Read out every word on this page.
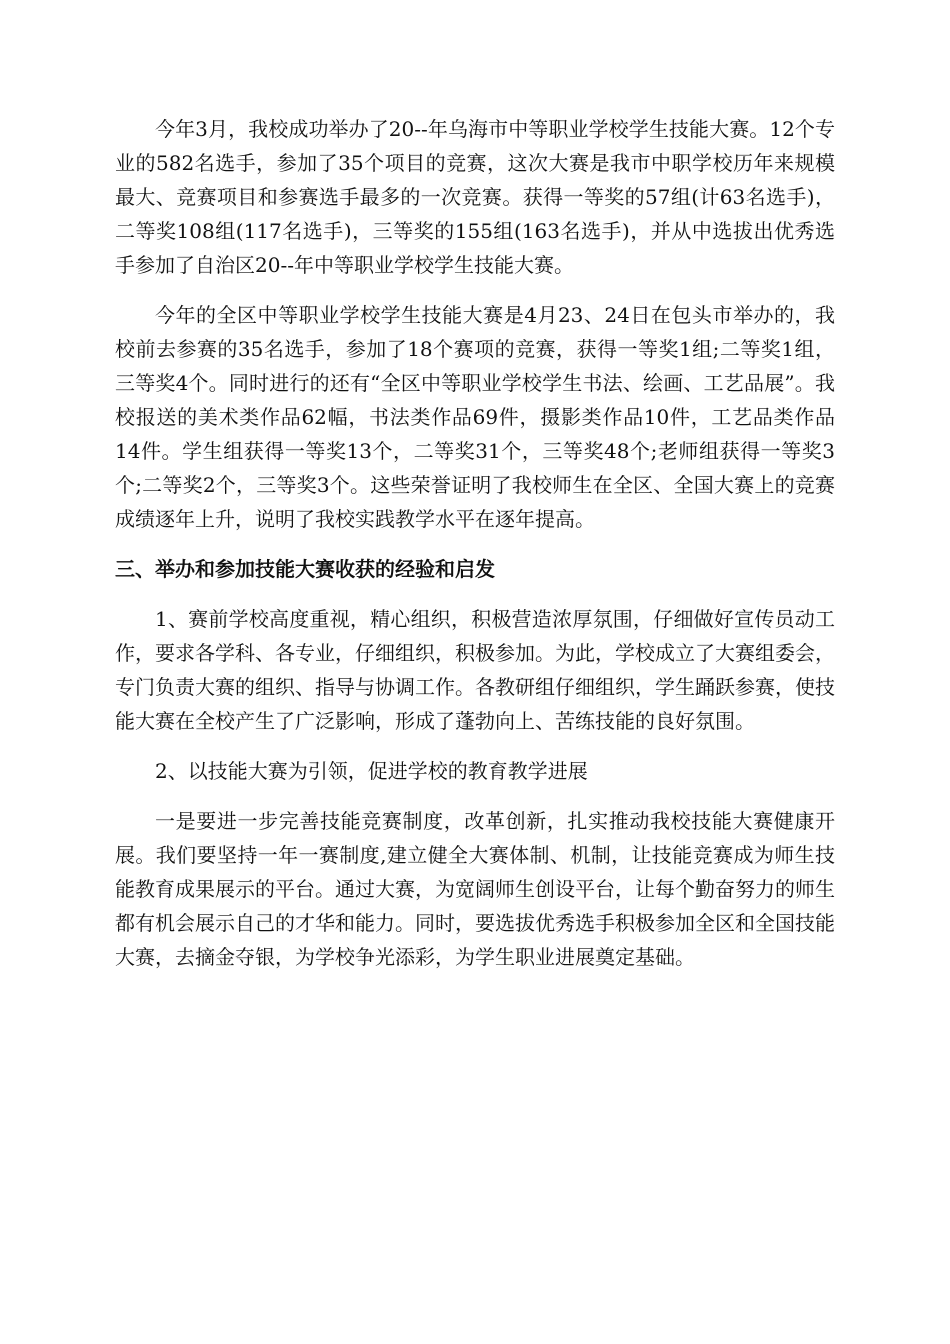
今年3月，我校成功举办了20--年乌海市中等职业学校学生技能大赛。12个专业的582名选手，参加了35个项目的竞赛，这次大赛是我市中职学校历年来规模最大、竞赛项目和参赛选手最多的一次竞赛。获得一等奖的57组(计63名选手)，二等奖108组(117名选手)，三等奖的155组(163名选手)，并从中选拔出优秀选手参加了自治区20--年中等职业学校学生技能大赛。

今年的全区中等职业学校学生技能大赛是4月23、24日在包头市举办的，我校前去参赛的35名选手，参加了18个赛项的竞赛，获得一等奖1组;二等奖1组，三等奖4个。同时进行的还有“全区中等职业学校学生书法、绘画、工艺品展”。我校报送的美术类作品62幅，书法类作品69件，摄影类作品10件，工艺品类作品14件。学生组获得一等奖13个，二等奖31个，三等奖48个;老师组获得一等奖3个;二等奖2个，三等奖3个。这些荣誉证明了我校师生在全区、全国大赛上的竞赛成绩逐年上升，说明了我校实践教学水平在逐年提高。

三、举办和参加技能大赛收获的经验和启发

1、赛前学校高度重视，精心组织，积极营造浓厚氛围，仔细做好宣传员动工作，要求各学科、各专业，仔细组织，积极参加。为此，学校成立了大赛组委会，专门负责大赛的组织、指导与协调工作。各教研组仔细组织，学生踊跃参赛，使技能大赛在全校产生了广泛影响，形成了蓬勃向上、苦练技能的良好氛围。

2、以技能大赛为引领，促进学校的教育教学进展

一是要进一步完善技能竞赛制度，改革创新，扎实推动我校技能大赛健康开展。我们要坚持一年一赛制度,建立健全大赛体制、机制，让技能竞赛成为师生技能教育成果展示的平台。通过大赛，为宽阔师生创设平台，让每个勤奋努力的师生都有机会展示自己的才华和能力。同时，要选拔优秀选手积极参加全区和全国技能大赛，去摘金夺银，为学校争光添彩，为学生职业进展奠定基础。
